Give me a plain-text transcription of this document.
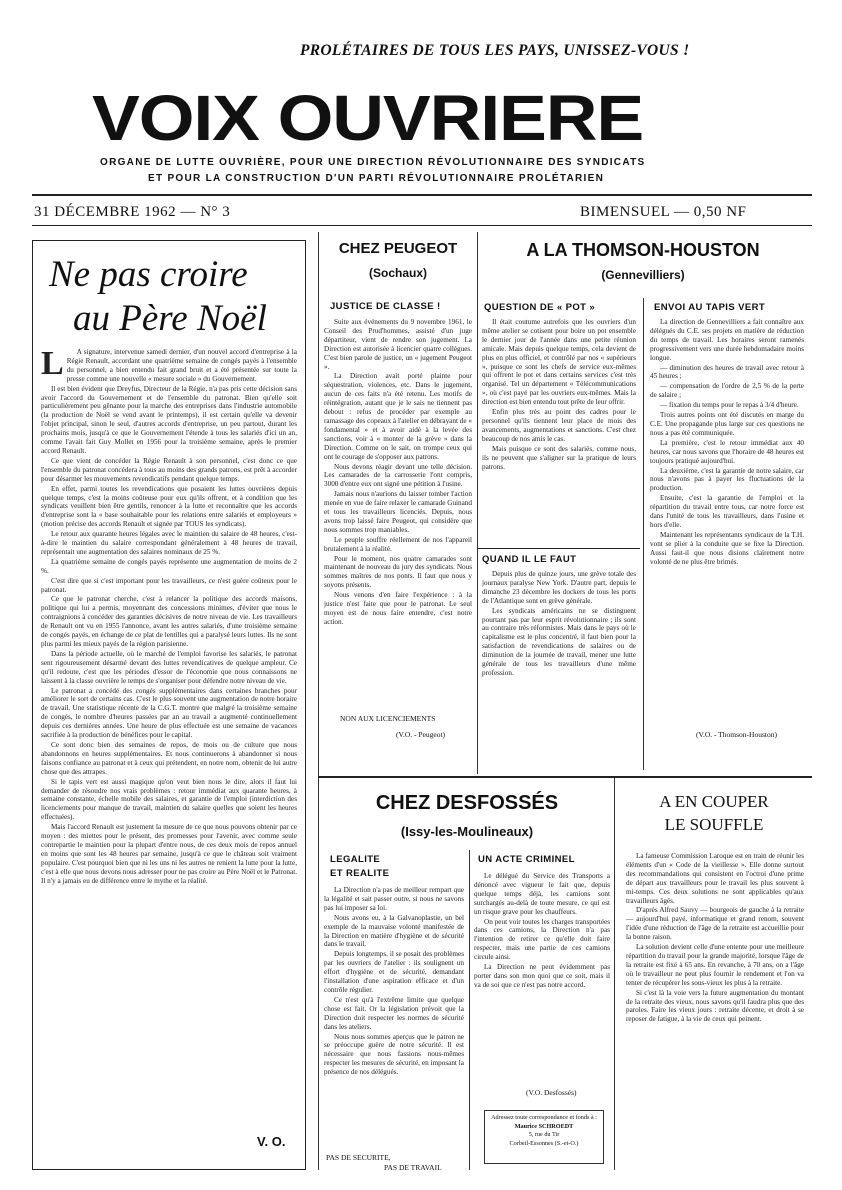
PROLÉTAIRES DE TOUS LES PAYS, UNISSEZ-VOUS !
VOIX OUVRIERE
ORGANE DE LUTTE OUVRIÈRE, POUR UNE DIRECTION RÉVOLUTIONNAIRE DES SYNDICATS
ET POUR LA CONSTRUCTION D'UN PARTI RÉVOLUTIONNAIRE PROLÉTARIEN
31 DÉCEMBRE 1962 — N° 3	BIMENSUEL — 0,50 NF
Ne pas croire
au Père Noël
L	A signature, intervenue samedi dernier, d'un nouvel accord d'entreprise à la Régie Renault, accordant une quatrième semaine de congés payés à l'ensemble du personnel, a bien entendu fait grand bruit et a été présentée sur toute la presse comme une nouvelle « mesure sociale » du Gouvernement.

Il est bien évident que Dreyfus, Directeur de la Régie, n'a pas pris cette décision sans avoir l'accord du Gouvernement et de l'ensemble du patronat. Bien qu'elle soit particulièrement peu gênante pour la marche des entreprises dans l'industrie automobile (la production de Noël se vend avant le printemps), il est certain qu'elle va devenir l'objet principal, sinon le seul, d'autres accords d'entreprise, un peu partout, durant les prochains mois, jusqu'à ce que le Gouvernement l'étende à tous les salariés d'ici un an, comme l'avait fait Guy Mollet en 1956 pour la troisième semaine, après le premier accord Renault.

Ce que vient de concéder la Régie Renault à son personnel, c'est donc ce que l'ensemble du patronat concédera à tous au moins des grands patrons, est prêt à accorder pour désarmer les mouvements revendicatifs pendant quelque temps.

En effet, parmi toutes les revendications que posaient les luttes ouvrières depuis quelque temps, c'est la moins coûteuse pour eux qu'ils offrent, et à condition que les syndicats veuillent bien être gentils, renoncer à la lutte et reconnaître que les accords d'entreprise sont la « base souhaitable pour les relations entre salariés et employeurs » (motion précise des accords Renault et signée par TOUS les syndicats).

Le retour aux quarante heures légales avec le maintien du salaire de 48 heures, c'est-à-dire le maintien du salaire correspondant généralement à 48 heures de travail, représentait une augmentation des salaires nominaux de 25 %.

La quatrième semaine de congés payés représente une augmentation de moins de 2 %.

C'est dire que si c'est important pour les travailleurs, ce n'est guère coûteux pour le patronat.

Ce que le patronat cherche, c'est à relancer la politique des accords maisons, politique qui lui a permis, moyennant des concessions minimes, d'éviter que nous le contraignions à concéder des garanties décisives de notre niveau de vie. Les travailleurs de Renault ont vu en 1955 l'annonce, avant les autres salariés, d'une troisième semaine de congés payés, en échange de ce plat de lentilles qui a paralysé leurs luttes. Ils ne sont plus parmi les mieux payés de la région parisienne.

Dans la période actuelle, où le marché de l'emploi favorise les salariés, le patronat sent rigoureusement désarmé devant des luttes revendicatives de quelque ampleur. Ce qu'il redoute, c'est que les périodes d'essor de l'économie que nous connaissons ne laissent à la classe ouvrière le temps de s'organiser pour défendre notre niveau de vie.

Le patronat a concédé des congés supplémentaires dans certaines branches pour améliorer le sort de certains cas. C'est le plus souvent une augmentation de notre horaire de travail. Une statistique récente de la C.G.T. montre que malgré la troisième semaine de congés, le nombre d'heures passées par an au travail a augmenté continuellement depuis ces dernières années. Une heure de plus effectuée est une semaine de vacances sacrifiée à la production de bénéfices pour le capital.

Ce sont donc bien des semaines de repos, de mois ou de culture que nous abandonnons en heures supplémentaires. Et nous continuerons à abandonner si nous faisons confiance au patronat et à ceux qui prétendent, en notre nom, obtenir de lui autre chose que des attrapes.

Si le tapis vert est aussi magique qu'on veut bien nous le dire, alors il faut lui demander de résoudre nos vrais problèmes : retour immédiat aux quarante heures, à semaine constante, échelle mobile des salaires, et garantie de l'emploi (interdiction des licenciements pour manque de travail, maintien du salaire quelles que soient les heures effectuées).

Mais l'accord Renault est justement la mesure de ce que nous pouvons obtenir par ce moyen : des miettes pour le présent, des promesses pour l'avenir, avec comme seule contrepartie le maintien pour la plupart d'entre nous, de ces deux mois de repos annuel en moins que sont les 48 heures par semaine, jusqu'à ce que le château soit vraiment populaire. C'est pourquoi bien que ni les uns ni les autres ne renient la lutte pour la lutte, c'est à elle que nous devons nous adresser pour ne pas croire au Père Noël et le Patronat. Il n'y a jamais eu de différence entre le mythe et la réalité.

V. O.
CHEZ PEUGEOT
(Sochaux)
JUSTICE DE CLASSE !

Suite aux événements du 9 novembre 1961, le Conseil des Prud'hommes, assisté d'un juge départiteur, vient de rendre son jugement. La Direction est autorisée à licencier quatre collègues. C'est bien parole de justice, un « jugement Peugeot ».

La Direction avait porté plainte pour séquestration, violences, etc. Dans le jugement, aucun de ces faits n'a été retenu. Les motifs de réintégration, autant que je le sais ne tiennent pas debout : refus de procéder par exemple au ramassage des copeaux à l'atelier en débrayant de « fondamental » et à avoir aidé à la levée des sanctions, voir à « monter de la grève » dans la Direction. Comme on le sait, on trompe ceux qui ont le courage de s'opposer aux patrons.

Nous devons réagir devant une telle décision. Les camarades de la carrosserie l'ont compris, 3000 d'entre eux ont signé une pétition à l'usine.

Jamais nous n'aurions du laisser tomber l'action menée en vue de faire relaxer le camarade Guinand et tous les travailleurs licenciés. Depuis, nous avons trop laissé faire Peugeot, qui considère que nous sommes trop maniables.

Le peuple souffre réellement de nos l'appareil brutalement à la réalité.

Pour le moment, nos quatre camarades sont maintenant de nouveau du jury des syndicats. Nous sommes maîtres de nos ponts. Il faut que nous y soyons présents.

Nous venons d'en faire l'expérience : à la justice n'est faite que pour le patronat. Le seul moyen est de nous faire entendre, c'est notre action.

NON AUX LICENCIEMENTS
(V.O. - Peugeot)
A LA THOMSON-HOUSTON
(Gennevilliers)
QUESTION DE « POT »

Il était coutume autrefois que les ouvriers d'un même atelier se cotisent pour boire un pot ensemble le dernier jour de l'année dans une petite réunion amicale. Mais depuis quelque temps, cela devient de plus en plus officiel, et contrôlé par nos « supérieurs », puisque ce sont les chefs de service eux-mêmes qui offrent le pot et dans certains services c'est très organisé. Tel un département « Télécommunications », où c'est payé par les ouvriers eux-mêmes. Mais la direction est bien entendu tout prête de leur offrir.

Enfin plus très au point des cadres pour le personnel qu'ils tiennent leur place de mois des avancements, augmentations et sanctions. C'est chez beaucoup de nos amis le cas.

Mais puisque ce sont des salariés, comme nous, ils ne peuvent que s'aligner sur la pratique de leurs patrons.

ENVOI AU TAPIS VERT

La direction de Gennevilliers a fait connaître aux délégués du C.E. ses projets en matière de réduction du temps de travail. Les horaires seront ramenés progressivement vers une durée hebdomadaire moins longue.

— diminution des heures de travail avec retour à 45 heures ;

— compensation de l'ordre de 2,5 % de la perte de salaire ;

— fixation du temps pour le repas à 3/4 d'heure.

Trois autres points ont été discutés en marge du C.E. Une propagande plus large sur ces questions ne nous a pas été communiquée.

La première, c'est le retour immédiat aux 40 heures, car nous savons que l'horaire de 48 heures est toujours pratiqué aujourd'hui.

La deuxième, c'est la garantie de notre salaire, car nous n'avons pas à payer les fluctuations de la production.

Ensuite, c'est la garantie de l'emploi et la répartition du travail entre tous, car notre force est dans l'unité de tous les travailleurs, dans l'usine et hors d'elle.

Maintenant les représentants syndicaux de la T.H. vont se plier à la conduite que se fixe la Direction. Aussi faut-il que nous disions clairement notre volonté de ne plus être brimés.

(V.O. - Thomson-Houston)
QUAND IL LE FAUT

Depuis plus de quinze jours, une grève totale des journaux paralyse New York. D'autre part, depuis le dimanche 23 décembre les dockers de tous les ports de l'Atlantique sont en grève générale.

Les syndicats américains ne se distinguent pourtant pas par leur esprit révolutionnaire ; ils sont au contraire très réformistes. Mais dans le pays où le capitalisme est le plus concentré, il faut bien pour la satisfaction de revendications de salaires ou de diminution de la journée de travail, mener une lutte générale de tous les travailleurs d'une même profession.

CHEZ DESFOSSÉS
(Issy-les-Moulineaux)
LEGALITE
ET REALITE

La Direction n'a pas de meilleur rempart que la légalité et sait passer outre, si nous ne savons pas lui imposer sa loi.

Nous avons eu, à la Galvanoplastie, un bel exemple de la mauvaise volonté manifestée de la Direction en matière d'hygiène et de sécurité dans le travail.

Depuis longtemps, il se posait des problèmes par les ouvriers de l'atelier : ils soulignent un effort d'hygiène et de sécurité, demandant l'installation d'une aspiration efficace et d'un contrôle régulier.

Ce n'est qu'à l'extrême limite que quelque chose est fait. Or la législation prévoit que la Direction doit respecter les normes de sécurité dans les ateliers.

Nous nous sommes aperçus que le patron ne se préoccupe guère de notre sécurité. Il est nécessaire que nous fassions nous-mêmes respecter les mesures de sécurité, en imposant la présence de nos délégués.

PAS DE SECURITE,
PAS DE TRAVAIL
UN ACTE CRIMINEL

Le délégué du Service des Transports a dénoncé avec vigueur le fait que, depuis quelque temps déjà, les camions sont surchargés au-delà de toute mesure, ce qui est un risque grave pour les chauffeurs.

On peut voir toutes les charges transportées dans ces camions, la Direction n'a pas l'intention de retirer ce qu'elle doit faire respecter, mais une partie de ces camions circule ainsi.

La Direction ne peut évidemment pas porter dans son mon quoi que ce soit, mais il va de soi que ce n'est pas notre accord.

(V.O. Desfossés)
Adressez toute correspondance et fonds à :
Maurice SCHROEDT
5, rue du Tir
Corbeil-Essonnes (S.-et-O.)
A EN COUPER
LE SOUFFLE

La fameuse Commission Laroque est en train de réunir les éléments d'un « Code de la vieillesse ». Elle donne surtout des recommandations qui consistent en l'octroi d'une prime de départ aux travailleurs pour le travail les plus souvent à mi-temps. Ces deux solutions ne sont applicables qu'aux travailleurs âgés.

D'après Alfred Sauvy — bourgeois de gauche à la retraite — aujourd'hui payé, informatique et grand renom, souvent l'idée d'une réduction de l'âge de la retraite est accueillie pour la bonne raison.

La solution devient celle d'une entente pour une meilleure répartition du travail pour la grande majorité, lorsque l'âge de la retraite est fixé à 65 ans. En revanche, à 70 ans, on a l'âge où le travailleur ne peut plus fournir le rendement et l'on va tenter de récupérer les sous-vieux les plus à la retraite.

Si c'est là la voie vers la future augmentation du montant de la retraite des vieux, nous savons qu'il faudra plus que des paroles. Faire les vieux jours : retraite décente, et droit à se reposer de fatigue, à la vie de ceux qui peinent.
